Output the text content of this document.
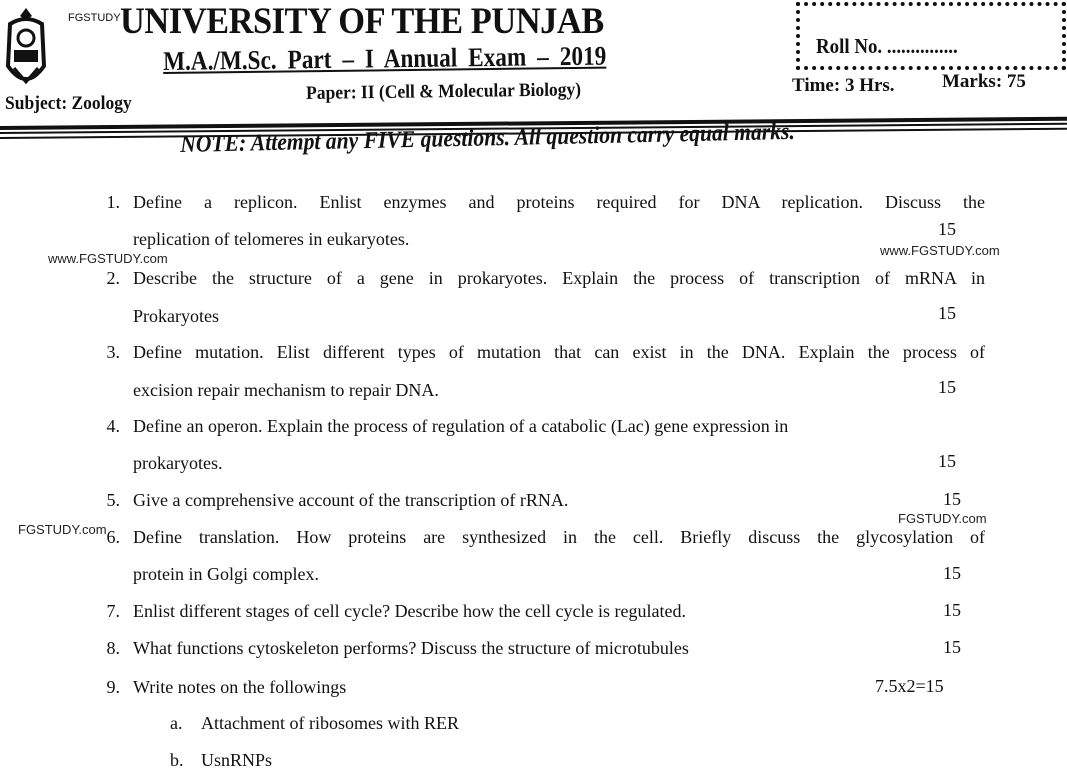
FGSTUDY UNIVERSITY OF THE PUNJAB
M.A./M.Sc. Part – I Annual Exam – 2019	Roll No. ...............
Time: 3 Hrs. Marks: 75
Subject: Zoology	Paper: II (Cell & Molecular Biology)
NOTE: Attempt any FIVE questions. All question carry equal marks.
1. Define a replicon. Enlist enzymes and proteins required for DNA replication. Discuss the
replication of telomeres in eukaryotes.	15
2. Describe the structure of a gene in prokaryotes. Explain the process of transcription of mRNA in
Prokaryotes	15
3. Define mutation. Elist different types of mutation that can exist in the DNA. Explain the process of
excision repair mechanism to repair DNA.	15
4. Define an operon. Explain the process of regulation of a catabolic (Lac) gene expression in
prokaryotes.	15
5. Give a comprehensive account of the transcription of rRNA.	15
6. Define translation. How proteins are synthesized in the cell. Briefly discuss the glycosylation of
protein in Golgi complex.	15
7. Enlist different stages of cell cycle? Describe how the cell cycle is regulated.	15
8. What functions cytoskeleton performs? Discuss the structure of microtubules	15
9. Write notes on the followings	7.5x2=15
a. Attachment of ribosomes with RER
b. UsnRNPs
www.FGSTUDY.com
www.FGSTUDY.com
FGSTUDY.com
FGSTUDY.com
